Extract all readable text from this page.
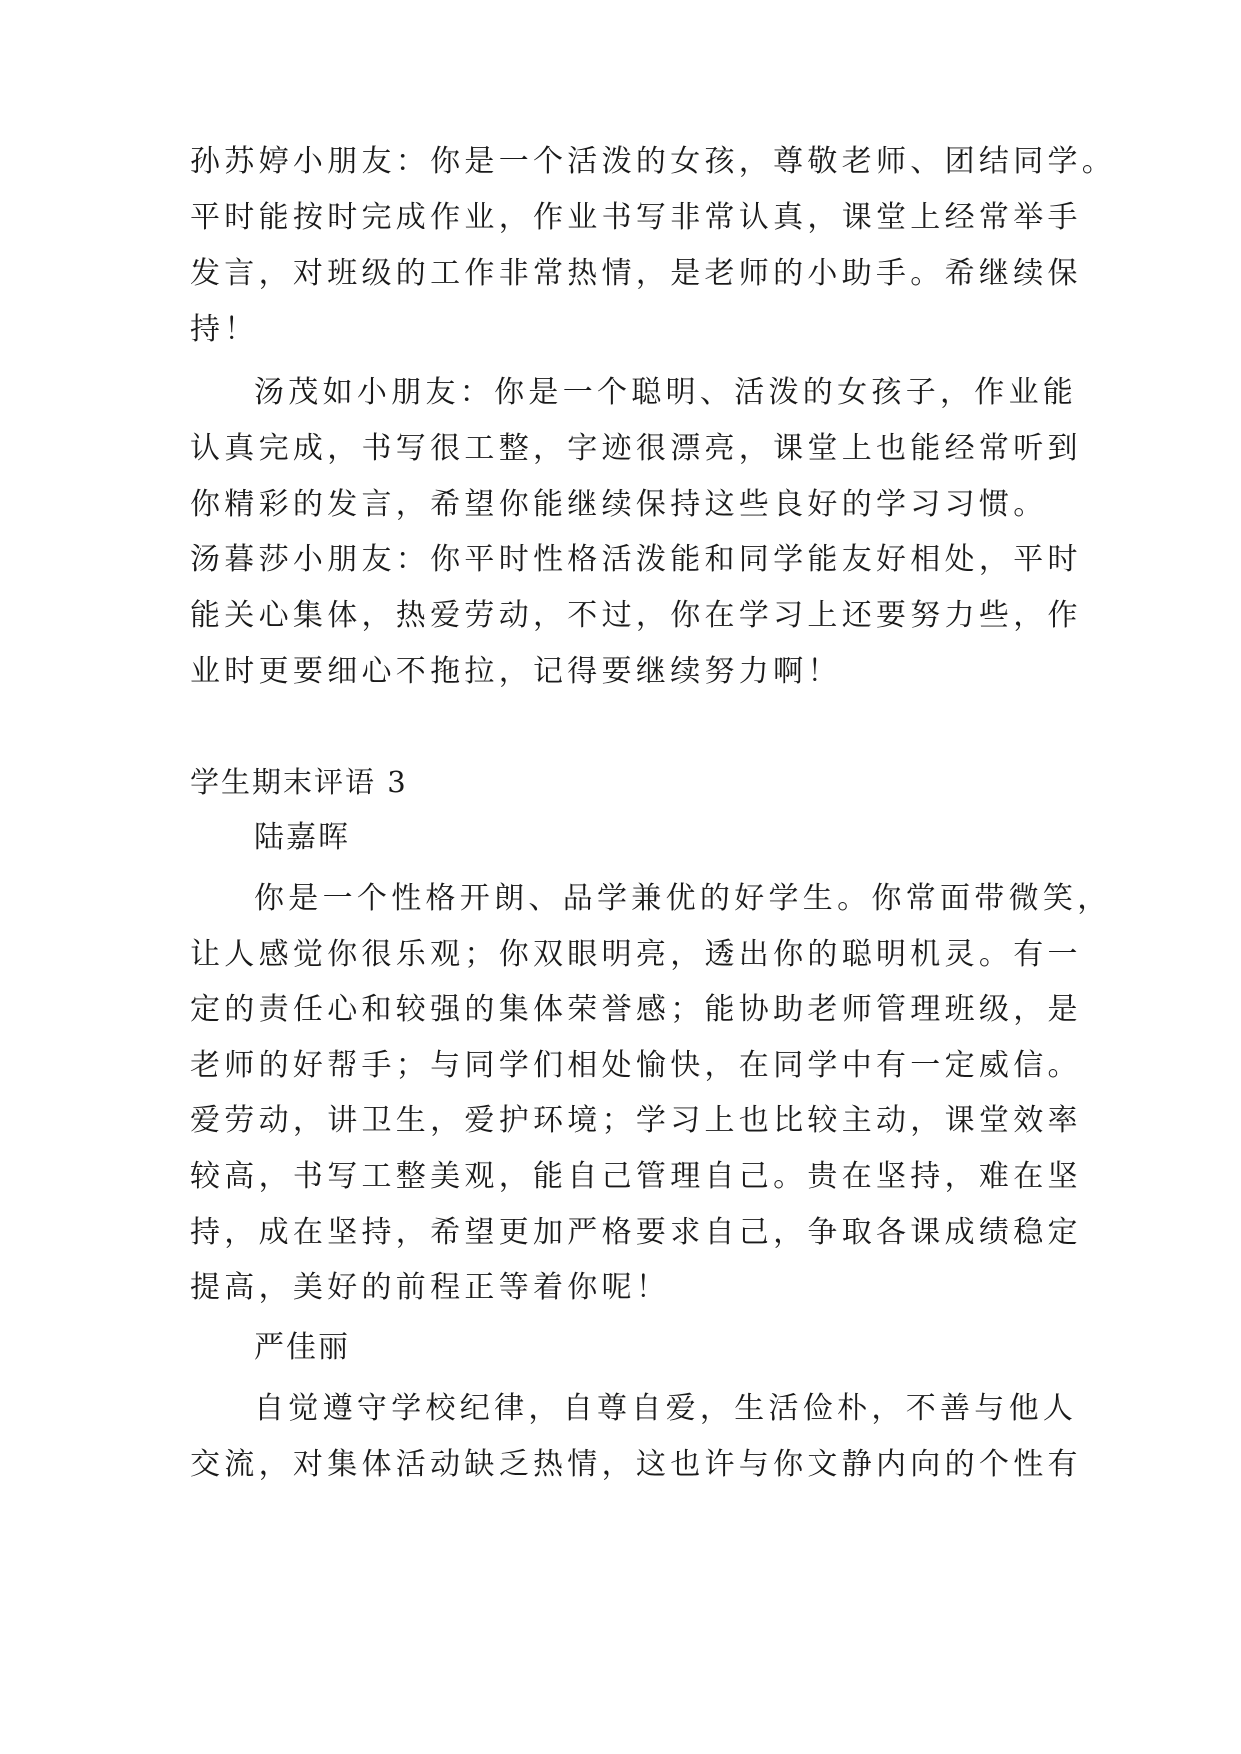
孙苏婷小朋友：你是一个活泼的女孩，尊敬老师、团结同学。
平时能按时完成作业，作业书写非常认真，课堂上经常举手
发言，对班级的工作非常热情，是老师的小助手。希继续保
持！
汤茂如小朋友：你是一个聪明、活泼的女孩子，作业能
认真完成，书写很工整，字迹很漂亮，课堂上也能经常听到
你精彩的发言，希望你能继续保持这些良好的学习习惯。
汤暮莎小朋友：你平时性格活泼能和同学能友好相处，平时
能关心集体，热爱劳动，不过，你在学习上还要努力些，作
业时更要细心不拖拉，记得要继续努力啊！
学生期末评语 3
陆嘉晖
你是一个性格开朗、品学兼优的好学生。你常面带微笑，
让人感觉你很乐观；你双眼明亮，透出你的聪明机灵。有一
定的责任心和较强的集体荣誉感；能协助老师管理班级，是
老师的好帮手；与同学们相处愉快，在同学中有一定威信。
爱劳动，讲卫生，爱护环境；学习上也比较主动，课堂效率
较高，书写工整美观，能自己管理自己。贵在坚持，难在坚
持，成在坚持，希望更加严格要求自己，争取各课成绩稳定
提高，美好的前程正等着你呢！
严佳丽
自觉遵守学校纪律，自尊自爱，生活俭朴，不善与他人
交流，对集体活动缺乏热情，这也许与你文静内向的个性有
